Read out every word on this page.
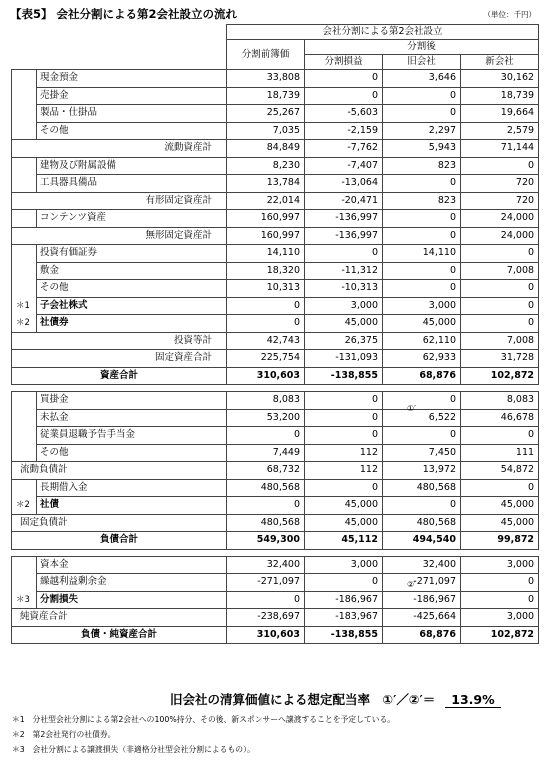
【表5】 会社分割による第2会社設立の流れ	（単位：千円）
		会社分割による第2会社設立			
		分割前簿価	分割後		
			分割損益	旧会社	新会社
	現金預金	33,808	0	3,646	30,162
	売掛金	18,739	0	0	18,739
	製品・仕掛品	25,267	-5,603	0	19,664
	その他	7,035	-2,159	2,297	2,579
流動資産計		84,849	-7,762	5,943	71,144
	建物及び附属設備	8,230	-7,407	823	0
	工具器具備品	13,784	-13,064	0	720
有形固定資産計		22,014	-20,471	823	720
	コンテンツ資産	160,997	-136,997	0	24,000
無形固定資産計		160,997	-136,997	0	24,000
	投資有価証券	14,110	0	14,110	0
	敷金	18,320	-11,312	0	7,008
	その他	10,313	-10,313	0	0
＊1	子会社株式	0	3,000	3,000	0
＊2	社債券	0	45,000	45,000	0
投資等計		42,743	26,375	62,110	7,008
固定資産合計		225,754	-131,093	62,933	31,728
資産合計		310,603	-138,855	68,876	102,872

	買掛金	8,083	0	0	8,083
	未払金	53,200	0	6,522	46,678
	従業員退職予告手当金	0	0	0	0
	その他	7,449	112	7,450	111
流動負債計		68,732	112	13,972	54,872
	長期借入金	480,568	0	480,568	0
＊2	社債	0	45,000	0	45,000
固定負債計		480,568	45,000	480,568	45,000
負債合計		549,300	45,112	494,540	99,872

	資本金	32,400	3,000	32,400	3,000
	繰越利益剰余金	-271,097	0	-271,097	0
＊3	分割損失	0	-186,967	-186,967	0
純資産合計		-238,697	-183,967	-425,664	3,000
負債・純資産合計		310,603	-138,855	68,876	102,872
①′
②′
旧会社の清算価値による想定配当率　①′／②′＝ 13.9%
＊1　分社型会社分割による第2会社への100%持分、その後、新スポンサーへ譲渡することを予定している。
＊2　第2会社発行の社債券。
＊3　会社分割による譲渡損失（非適格分社型会社分割によるもの）。
